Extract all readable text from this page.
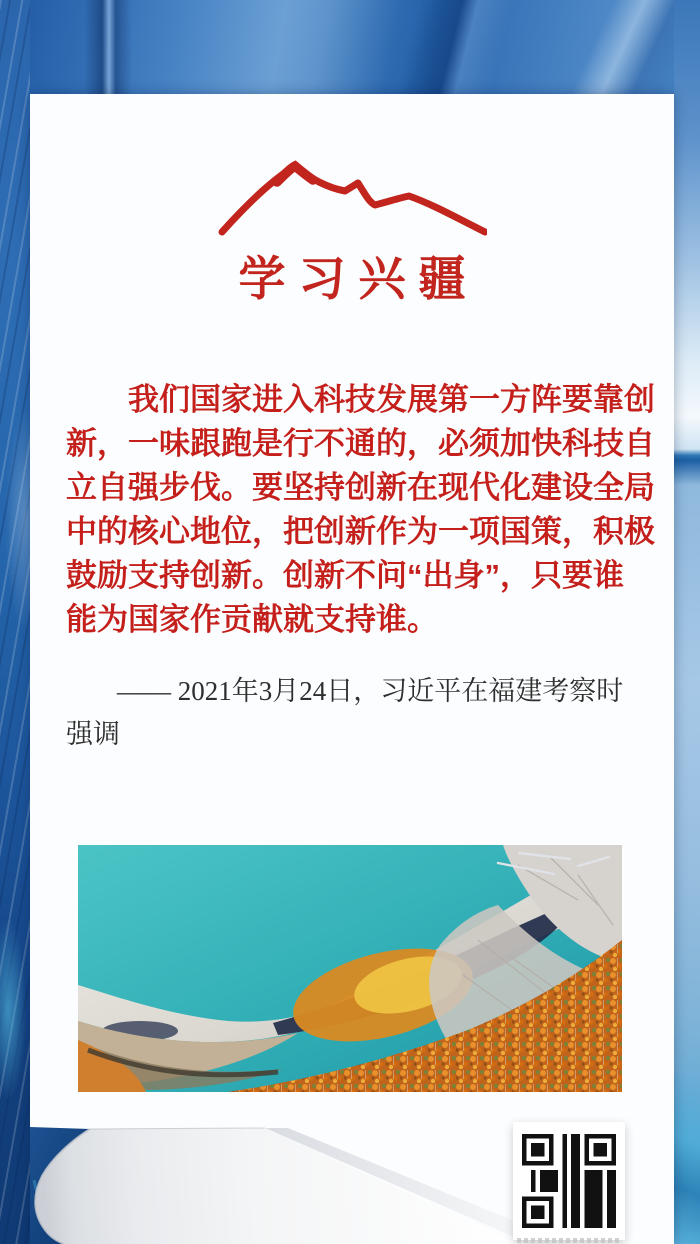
学习兴疆
我们国家进入科技发展第一方阵要靠创
新，一味跟跑是行不通的，必须加快科技自
立自强步伐。要坚持创新在现代化建设全局
中的核心地位，把创新作为一项国策，积极
鼓励支持创新。创新不问“出身”，只要谁
能为国家作贡献就支持谁。
—— 2021年3月24日，习近平在福建考察时
强调
